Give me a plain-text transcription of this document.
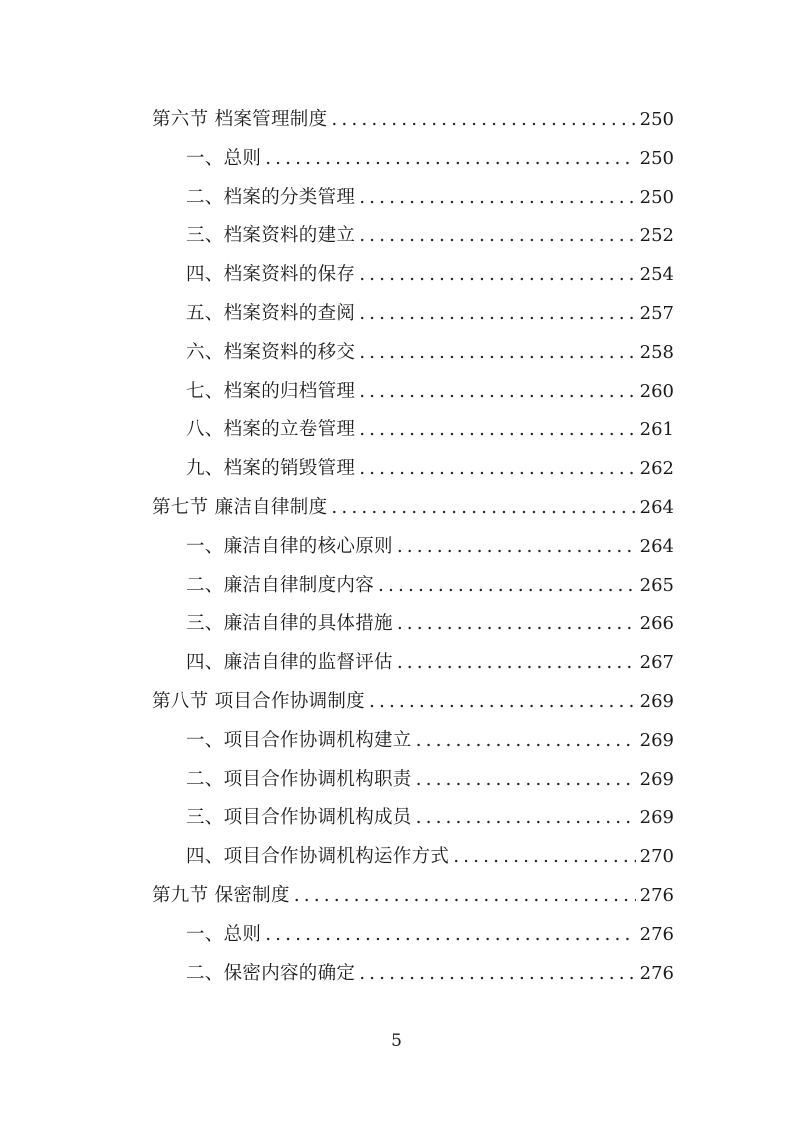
第六节 档案管理制度 .....	250
一、总则 .....	250
二、档案的分类管理 .....	250
三、档案资料的建立 .....	252
四、档案资料的保存 .....	254
五、档案资料的查阅 .....	257
六、档案资料的移交 .....	258
七、档案的归档管理 .....	260
八、档案的立卷管理 .....	261
九、档案的销毁管理 .....	262
第七节 廉洁自律制度 .....	264
一、廉洁自律的核心原则 .....	264
二、廉洁自律制度内容 .....	265
三、廉洁自律的具体措施 .....	266
四、廉洁自律的监督评估 .....	267
第八节 项目合作协调制度 .....	269
一、项目合作协调机构建立 .....	269
二、项目合作协调机构职责 .....	269
三、项目合作协调机构成员 .....	269
四、项目合作协调机构运作方式 .....	270
第九节 保密制度 .....	276
一、总则 .....	276
二、保密内容的确定 .....	276
5
